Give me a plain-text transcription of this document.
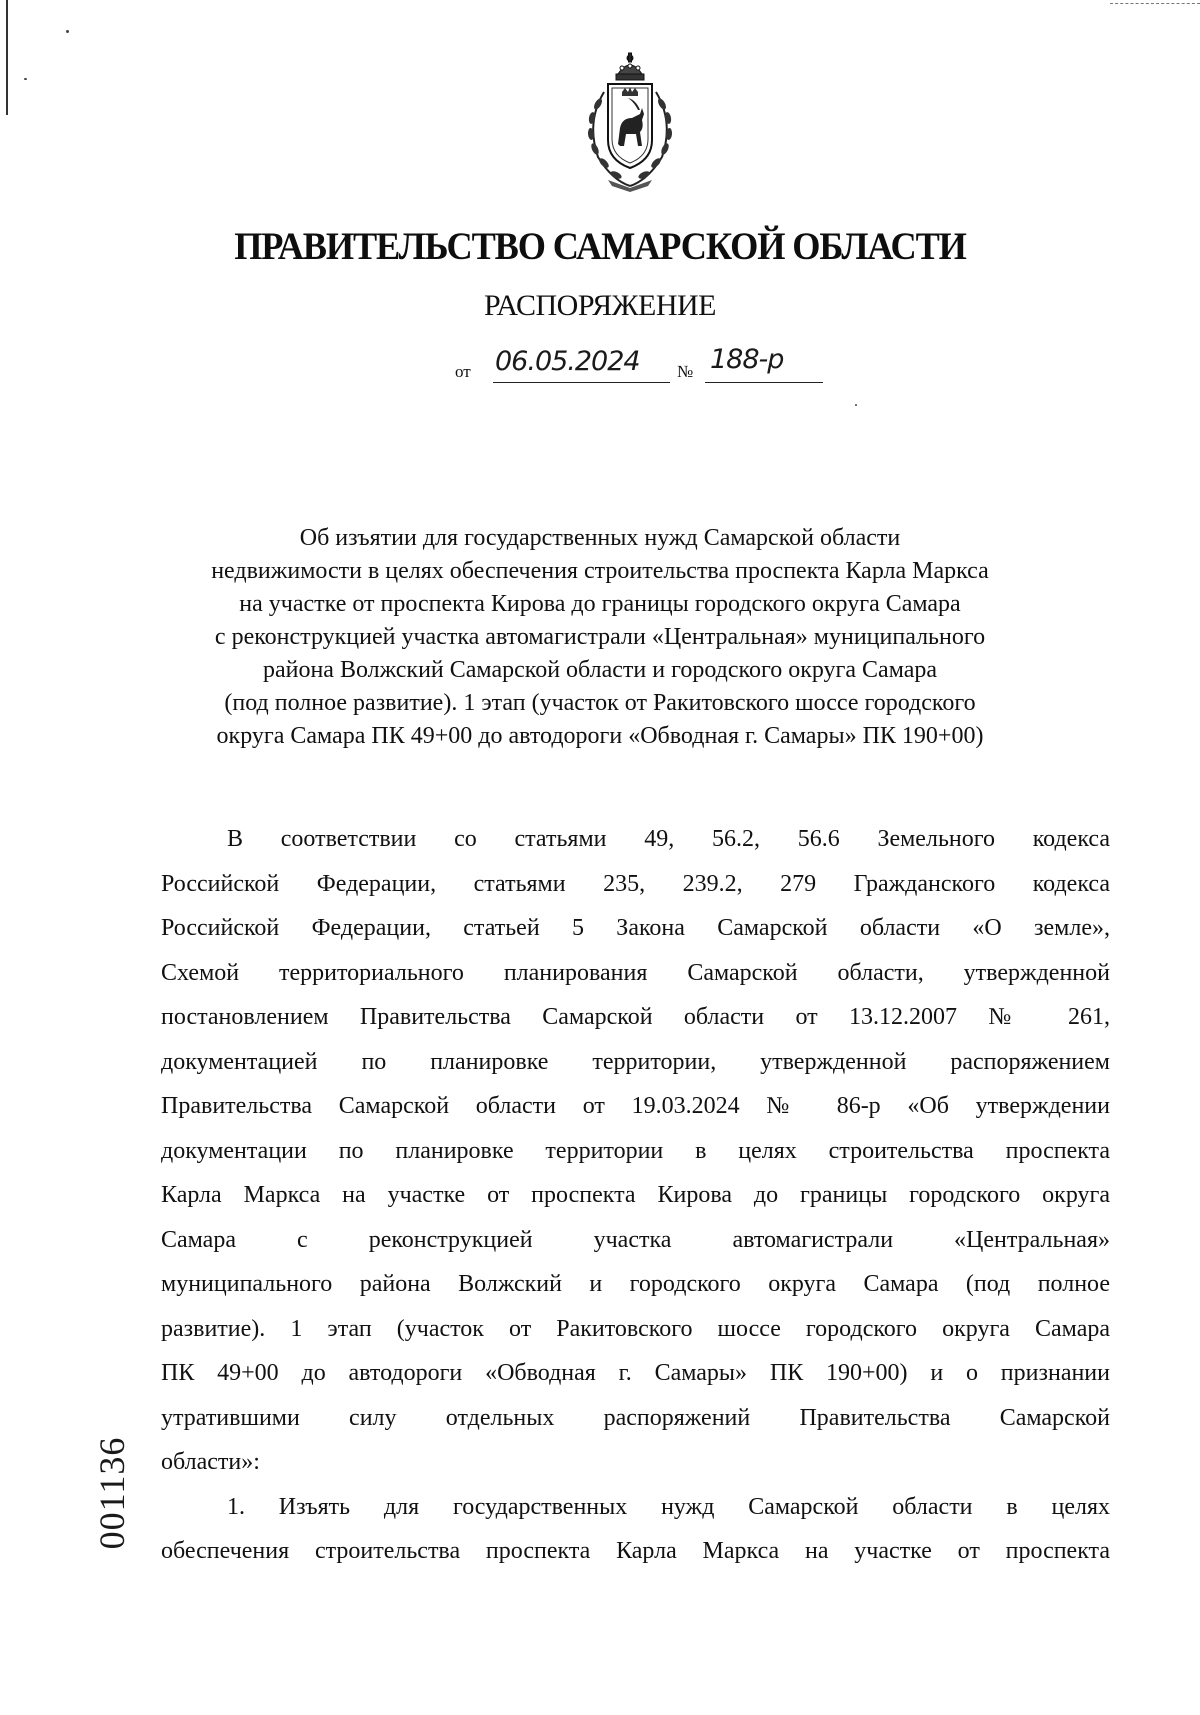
ПРАВИТЕЛЬСТВО САМАРСКОЙ ОБЛАСТИ
РАСПОРЯЖЕНИЕ
от 06.05.2024 № 188-р
Об изъятии для государственных нужд Самарской области
недвижимости в целях обеспечения строительства проспекта Карла Маркса
на участке от проспекта Кирова до границы городского округа Самара
с реконструкцией участка автомагистрали «Центральная» муниципального
района Волжский Самарской области и городского округа Самара
(под полное развитие). 1 этап (участок от Ракитовского шоссе городского
округа Самара ПК 49+00 до автодороги «Обводная г. Самары» ПК 190+00)
В соответствии со статьями 49, 56.2, 56.6 Земельного кодекса
Российской Федерации, статьями 235, 239.2, 279 Гражданского кодекса
Российской Федерации, статьей 5 Закона Самарской области «О земле»,
Схемой территориального планирования Самарской области, утвержденной
постановлением Правительства Самарской области от 13.12.2007 № 261,
документацией по планировке территории, утвержденной распоряжением
Правительства Самарской области от 19.03.2024 № 86-р «Об утверждении
документации по планировке территории в целях строительства проспекта
Карла Маркса на участке от проспекта Кирова до границы городского округа
Самара с реконструкцией участка автомагистрали «Центральная»
муниципального района Волжский и городского округа Самара (под полное
развитие). 1 этап (участок от Ракитовского шоссе городского округа Самара
ПК 49+00 до автодороги «Обводная г. Самары» ПК 190+00) и о признании
утратившими силу отдельных распоряжений Правительства Самарской
области»:
1. Изъять для государственных нужд Самарской области в целях
обеспечения строительства проспекта Карла Маркса на участке от проспекта
001136
